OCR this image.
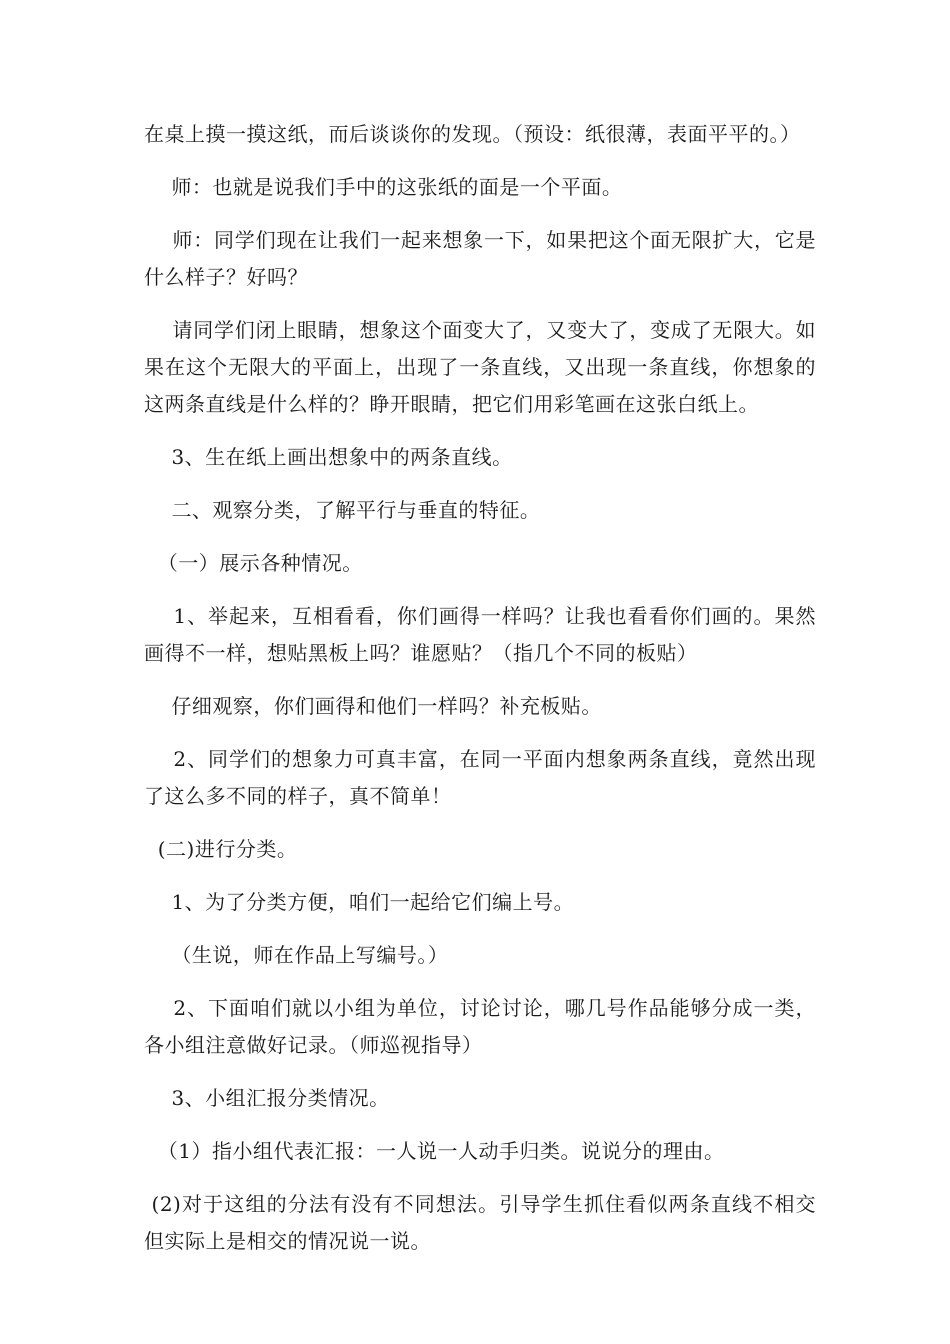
在桌上摸一摸这纸，而后谈谈你的发现。（预设：纸很薄，表面平平的。）

师：也就是说我们手中的这张纸的面是一个平面。

师：同学们现在让我们一起来想象一下，如果把这个面无限扩大，它是什么样子？好吗？

请同学们闭上眼睛，想象这个面变大了，又变大了，变成了无限大。如果在这个无限大的平面上，出现了一条直线，又出现一条直线，你想象的这两条直线是什么样的？睁开眼睛，把它们用彩笔画在这张白纸上。

3、生在纸上画出想象中的两条直线。

二、观察分类，了解平行与垂直的特征。

（一）展示各种情况。

1、举起来，互相看看，你们画得一样吗？让我也看看你们画的。果然画得不一样，想贴黑板上吗？谁愿贴？（指几个不同的板贴）

仔细观察，你们画得和他们一样吗？补充板贴。

2、同学们的想象力可真丰富，在同一平面内想象两条直线，竟然出现了这么多不同的样子，真不简单！

(二)进行分类。

1、为了分类方便，咱们一起给它们编上号。

（生说，师在作品上写编号。）

2、下面咱们就以小组为单位，讨论讨论，哪几号作品能够分成一类，各小组注意做好记录。（师巡视指导）

3、小组汇报分类情况。

（1）指小组代表汇报：一人说一人动手归类。说说分的理由。

(2)对于这组的分法有没有不同想法。引导学生抓住看似两条直线不相交但实际上是相交的情况说一说。
